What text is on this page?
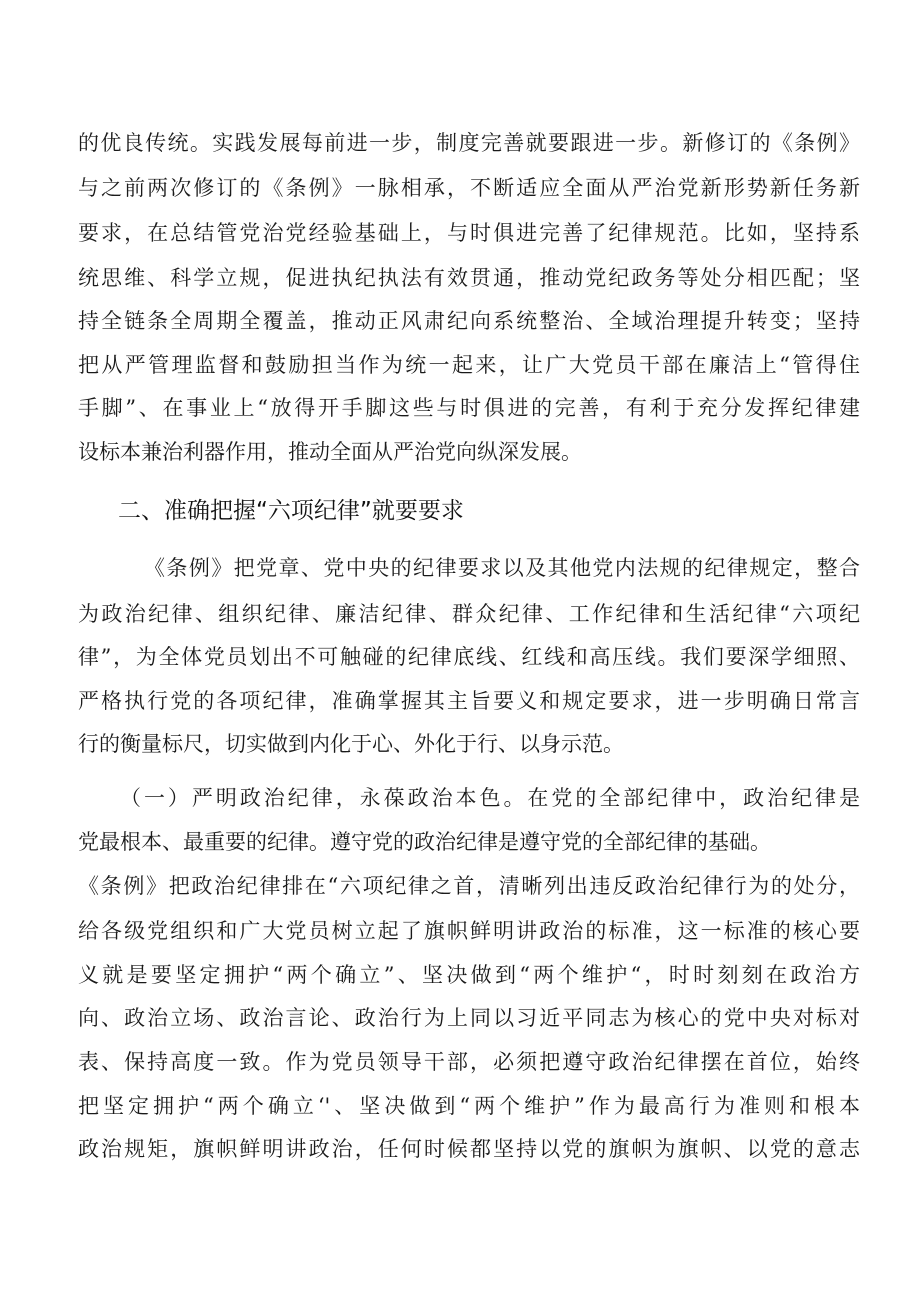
的优良传统。实践发展每前进一步，制度完善就要跟进一步。新修订的《条例》
与之前两次修订的《条例》一脉相承，不断适应全面从严治党新形势新任务新
要求，在总结管党治党经验基础上，与时俱进完善了纪律规范。比如，坚持系
统思维、科学立规，促进执纪执法有效贯通，推动党纪政务等处分相匹配；坚
持全链条全周期全覆盖，推动正风肃纪向系统整治、全域治理提升转变；坚持
把从严管理监督和鼓励担当作为统一起来，让广大党员干部在廉洁上“管得住
手脚”、在事业上“放得开手脚这些与时俱进的完善，有利于充分发挥纪律建
设标本兼治利器作用，推动全面从严治党向纵深发展。
二、准确把握“六项纪律”就要要求
《条例》把党章、党中央的纪律要求以及其他党内法规的纪律规定，整合
为政治纪律、组织纪律、廉洁纪律、群众纪律、工作纪律和生活纪律“六项纪
律”，为全体党员划出不可触碰的纪律底线、红线和高压线。我们要深学细照、
严格执行党的各项纪律，准确掌握其主旨要义和规定要求，进一步明确日常言
行的衡量标尺，切实做到内化于心、外化于行、以身示范。
（一）严明政治纪律，永葆政治本色。在党的全部纪律中，政治纪律是
党最根本、最重要的纪律。遵守党的政治纪律是遵守党的全部纪律的基础。
《条例》把政治纪律排在“六项纪律之首，清晰列出违反政治纪律行为的处分，
给各级党组织和广大党员树立起了旗帜鲜明讲政治的标准，这一标准的核心要
义就是要坚定拥护“两个确立”、坚决做到“两个维护“，时时刻刻在政治方
向、政治立场、政治言论、政治行为上同以习近平同志为核心的党中央对标对
表、保持高度一致。作为党员领导干部，必须把遵守政治纪律摆在首位，始终
把坚定拥护“两个确立‘'、坚决做到“两个维护”作为最高行为准则和根本
政治规矩，旗帜鲜明讲政治，任何时候都坚持以党的旗帜为旗帜、以党的意志
